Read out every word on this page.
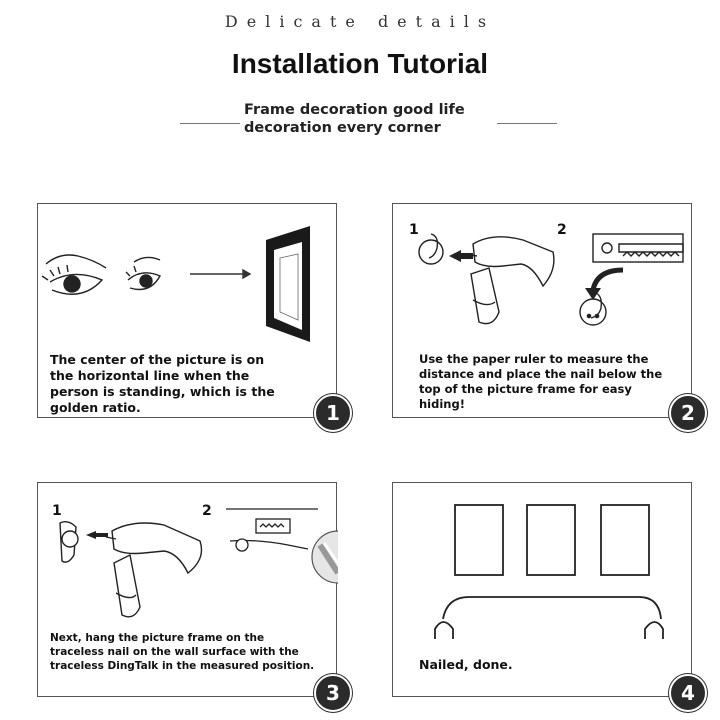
Delicate details
Installation Tutorial
Frame decoration good life decoration every corner
The center of the picture is on the horizontal line when the person is standing, which is the golden ratio.	1
1	2
Use the paper ruler to measure the distance and place the nail below the top of the picture frame for easy hiding!	2
1	2
Next, hang the picture frame on the traceless nail on the wall surface with the traceless DingTalk in the measured position.
3
Nailed, done.
4
